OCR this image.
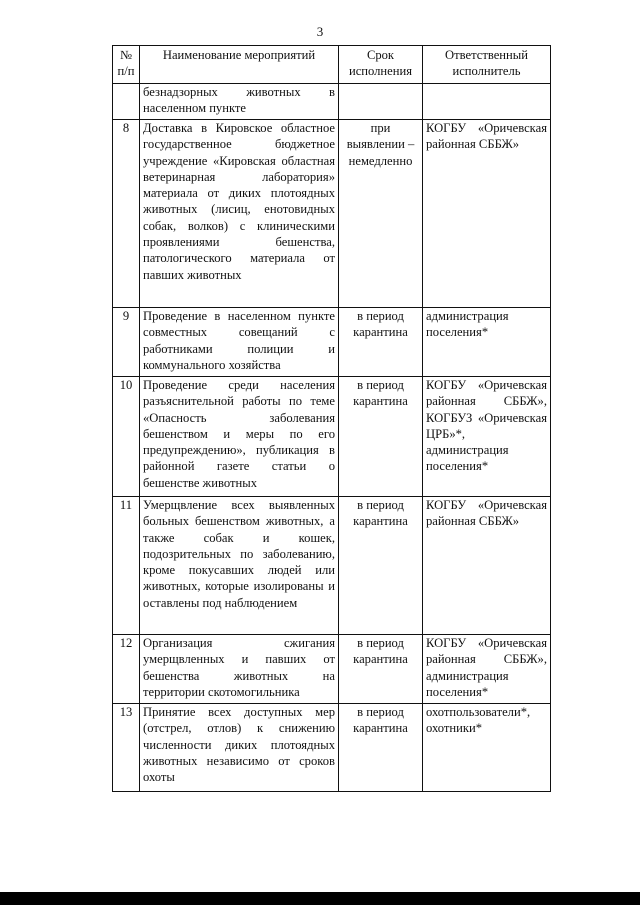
3
№ п/п	Наименование мероприятий	Срок исполнения	Ответственный исполнитель
	безнадзорных животных в населенном пункте		
8	Доставка в Кировское областное государственное бюджетное учреждение «Кировская областная ветеринарная лаборатория» материала от диких плотоядных животных (лисиц, енотовидных собак, волков) с клиническими проявлениями бешенства, патологического материала от павших животных	при выявлении – немедленно	КОГБУ «Оричевская районная СББЖ»
9	Проведение в населенном пункте совместных совещаний с работниками полиции и коммунального хозяйства	в период карантина	администрация поселения*
10	Проведение среди населения разъяснительной работы по теме «Опасность заболевания бешенством и меры по его предупреждению», публикация в районной газете статьи о бешенстве животных	в период карантина	КОГБУ «Оричевская районная СББЖ», КОГБУЗ «Оричевская ЦРБ»*, администрация поселения*
11	Умерщвление всех выявленных больных бешенством животных, а также собак и кошек, подозрительных по заболеванию, кроме покусавших людей или животных, которые изолированы и оставлены под наблюдением	в период карантина	КОГБУ «Оричевская районная СББЖ»
12	Организация сжигания умерщвленных и павших от бешенства животных на территории скотомогильника	в период карантина	КОГБУ «Оричевская районная СББЖ», администрация поселения*
13	Принятие всех доступных мер (отстрел, отлов) к снижению численности диких плотоядных животных независимо от сроков охоты	в период карантина	охотпользователи*, охотники*
